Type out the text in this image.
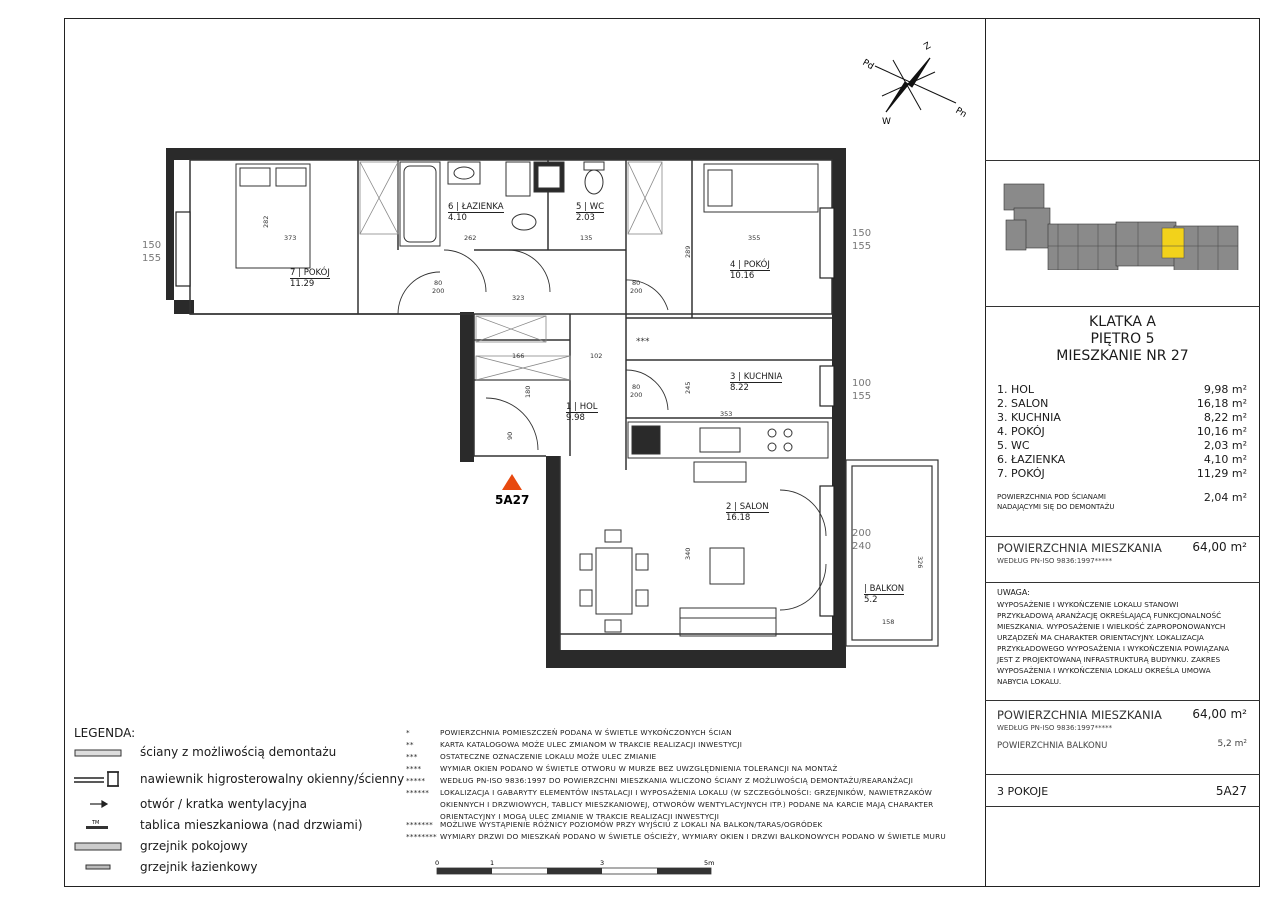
Z
Pn
W
Pd
5A27
373
282
262	135	355
289
323
166	102
353
245
180
340
326
158
***
80
200
80
200
80
200
90
150
155
150
155
100
155
200
240
0	1	3	5m
7 | POKÓJ
11.29
6 | ŁAZIENKA
4.10
5 | WC
2.03
4 | POKÓJ
10.16
3 | KUCHNIA
8.22
1 | HOL
9.98
2 | SALON
16.18
| BALKON
5.2
LEGENDA:
TM
ściany z możliwością demontażu
nawiewnik higrosterowalny okienny/ścienny
otwór / kratka wentylacyjna
tablica mieszkaniowa (nad drzwiami)
grzejnik pokojowy
grzejnik łazienkowy
*	POWIERZCHNIA POMIESZCZEŃ PODANA W ŚWIETLE WYKOŃCZONYCH ŚCIAN
**	KARTA KATALOGOWA MOŻE ULEC ZMIANOM W TRAKCIE REALIZACJI INWESTYCJI
***	OSTATECZNE OZNACZENIE LOKALU MOŻE ULEC ZMIANIE
****	WYMIAR OKIEN PODANO W ŚWIETLE OTWORU W MURZE BEZ UWZGLĘDNIENIA TOLERANCJI NA MONTAŻ
***** WEDŁUG PN-ISO 9836:1997 DO POWIERZCHNI MIESZKANIA WLICZONO ŚCIANY Z MOŻLIWOŚCIĄ DEMONTAŻU/REARANŻACJI
****** LOKALIZACJA I GABARYTY ELEMENTÓW INSTALACJI I WYPOSAŻENIA LOKALU (W SZCZEGÓLNOŚCI: GRZEJNIKÓW, NAWIETRZAKÓW
OKIENNYCH I DRZWIOWYCH, TABLICY MIESZKANIOWEJ, OTWORÓW WENTYLACYJNYCH ITP.) PODANE NA KARCIE MAJĄ CHARAKTER
ORIENTACYJNY I MOGĄ ULEC ZMIANIE W TRAKCIE REALIZACJI INWESTYCJI
******* MOŻLIWE WYSTĄPIENIE RÓŻNICY POZIOMÓW PRZY WYJŚCIU Z LOKALI NA BALKON/TARAS/OGRÓDEK
******** WYMIARY DRZWI DO MIESZKAŃ PODANO W ŚWIETLE OŚCIEŻY, WYMIARY OKIEN I DRZWI BALKONOWYCH PODANO W ŚWIETLE MURU
KLATKA A
PIĘTRO 5
MIESZKANIE NR 27
1. HOL	9,98 m²
2. SALON	16,18 m²
3. KUCHNIA	8,22 m²
4. POKÓJ	10,16 m²
5. WC	2,03 m²
6. ŁAZIENKA	4,10 m²
7. POKÓJ	11,29 m²
POWIERZCHNIA POD ŚCIANAMI
NADAJĄCYMI SIĘ DO DEMONTAŻU
2,04 m²
POWIERZCHNIA MIESZKANIA	64,00 m²
WEDŁUG PN-ISO 9836:1997*****
UWAGA:
WYPOSAŻENIE I WYKOŃCZENIE LOKALU STANOWI
PRZYKŁADOWĄ ARANŻACJĘ OKREŚLAJĄCĄ FUNKCJONALNOŚĆ
MIESZKANIA. WYPOSAŻENIE I WIELKOŚĆ ZAPROPONOWANYCH
URZĄDZEŃ MA CHARAKTER ORIENTACYJNY. LOKALIZACJA
PRZYKŁADOWEGO WYPOSAŻENIA I WYKOŃCZENIA POWIĄZANA
JEST Z PROJEKTOWANĄ INFRASTRUKTURĄ BUDYNKU. ZAKRES
WYPOSAŻENIA I WYKOŃCZENIA LOKALU OKREŚLA UMOWA
NABYCIA LOKALU.
POWIERZCHNIA MIESZKANIA	64,00 m²
WEDŁUG PN-ISO 9836:1997*****
POWIERZCHNIA BALKONU	5,2 m²
3 POKOJE	5A27
